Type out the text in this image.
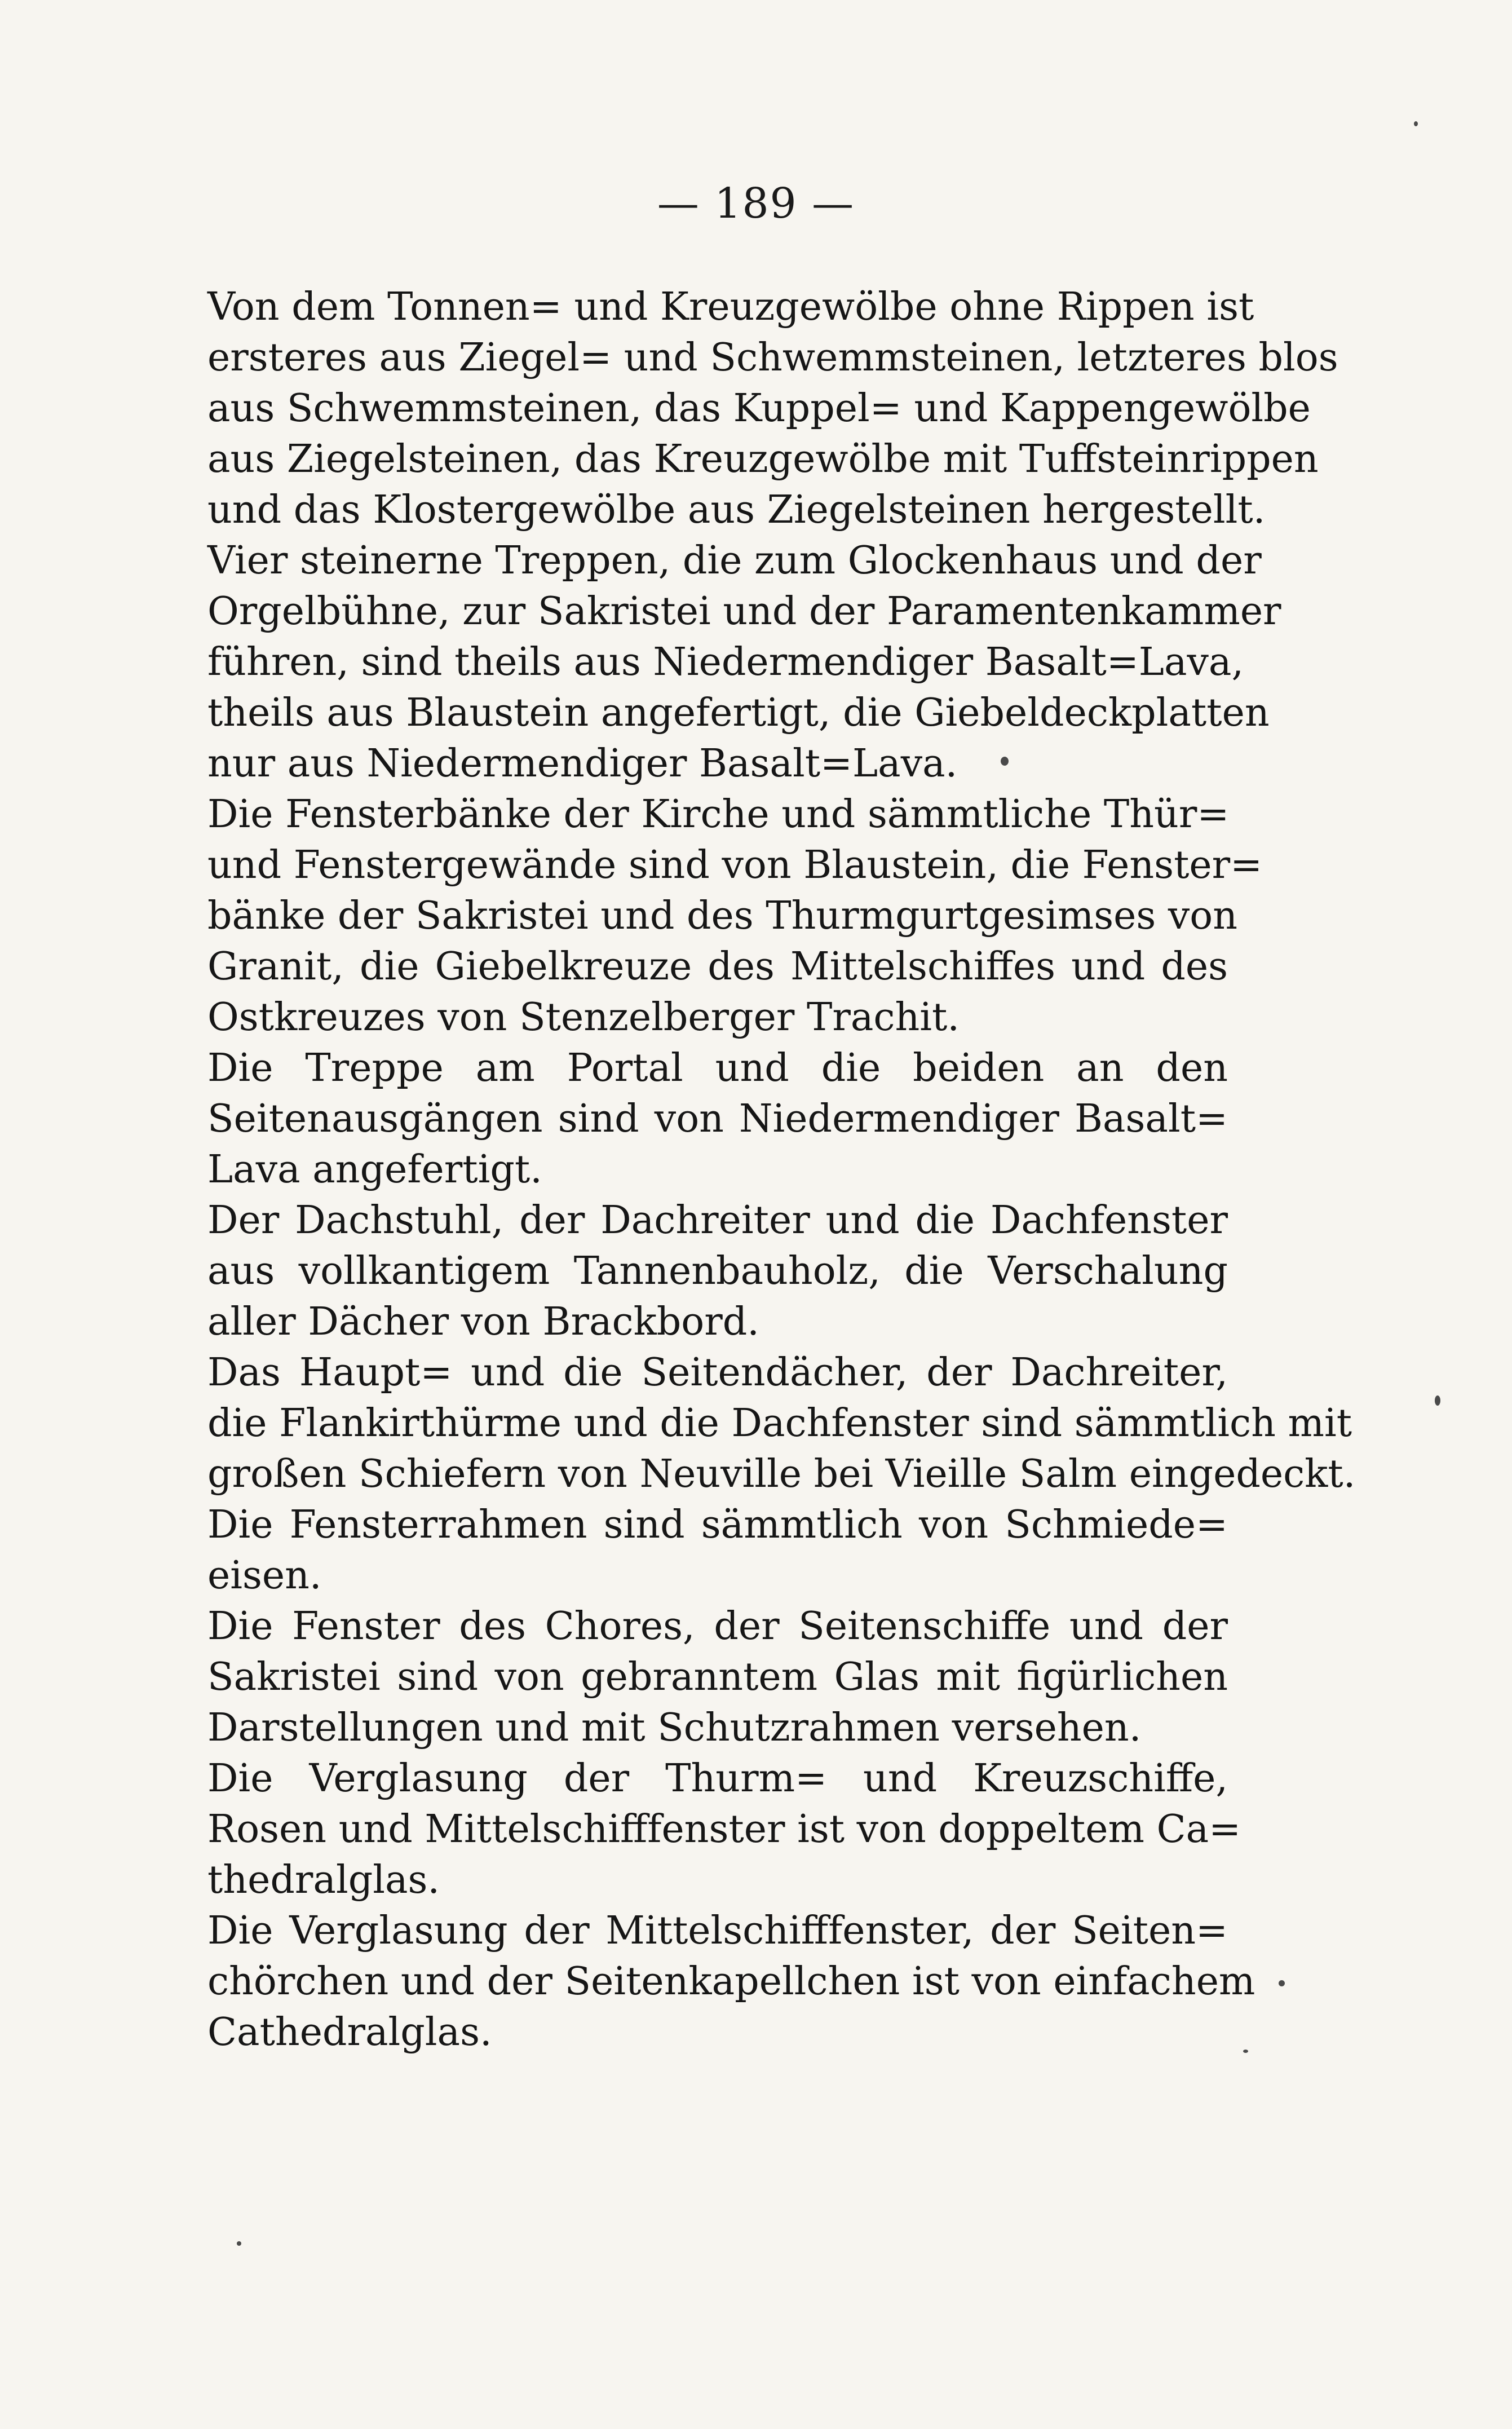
— 189 —
Von dem Tonnen= und Kreuzgewölbe ohne Rippen ist
ersteres aus Ziegel= und Schwemmsteinen, letzteres blos
aus Schwemmsteinen, das Kuppel= und Kappengewölbe
aus Ziegelsteinen, das Kreuzgewölbe mit Tuffsteinrippen
und das Klostergewölbe aus Ziegelsteinen hergestellt.
Vier steinerne Treppen, die zum Glockenhaus und der
Orgelbühne, zur Sakristei und der Paramentenkammer
führen, sind theils aus Niedermendiger Basalt=Lava,
theils aus Blaustein angefertigt, die Giebeldeckplatten
nur aus Niedermendiger Basalt=Lava.
Die Fensterbänke der Kirche und sämmtliche Thür=
und Fenstergewände sind von Blaustein, die Fenster=
bänke der Sakristei und des Thurmgurtgesimses von
Granit, die Giebelkreuze des Mittelschiffes und des
Ostkreuzes von Stenzelberger Trachit.
Die Treppe am Portal und die beiden an den
Seitenausgängen sind von Niedermendiger Basalt=
Lava angefertigt.
Der Dachstuhl, der Dachreiter und die Dachfenster
aus vollkantigem Tannenbauholz, die Verschalung
aller Dächer von Brackbord.
Das Haupt= und die Seitendächer, der Dachreiter,
die Flankirthürme und die Dachfenster sind sämmtlich mit
großen Schiefern von Neuville bei Vieille Salm eingedeckt.
Die Fensterrahmen sind sämmtlich von Schmiede=
eisen.
Die Fenster des Chores, der Seitenschiffe und der
Sakristei sind von gebranntem Glas mit figürlichen
Darstellungen und mit Schutzrahmen versehen.
Die Verglasung der Thurm= und Kreuzschiffe,
Rosen und Mittelschifffenster ist von doppeltem Ca=
thedralglas.
Die Verglasung der Mittelschifffenster, der Seiten=
chörchen und der Seitenkapellchen ist von einfachem
Cathedralglas.
